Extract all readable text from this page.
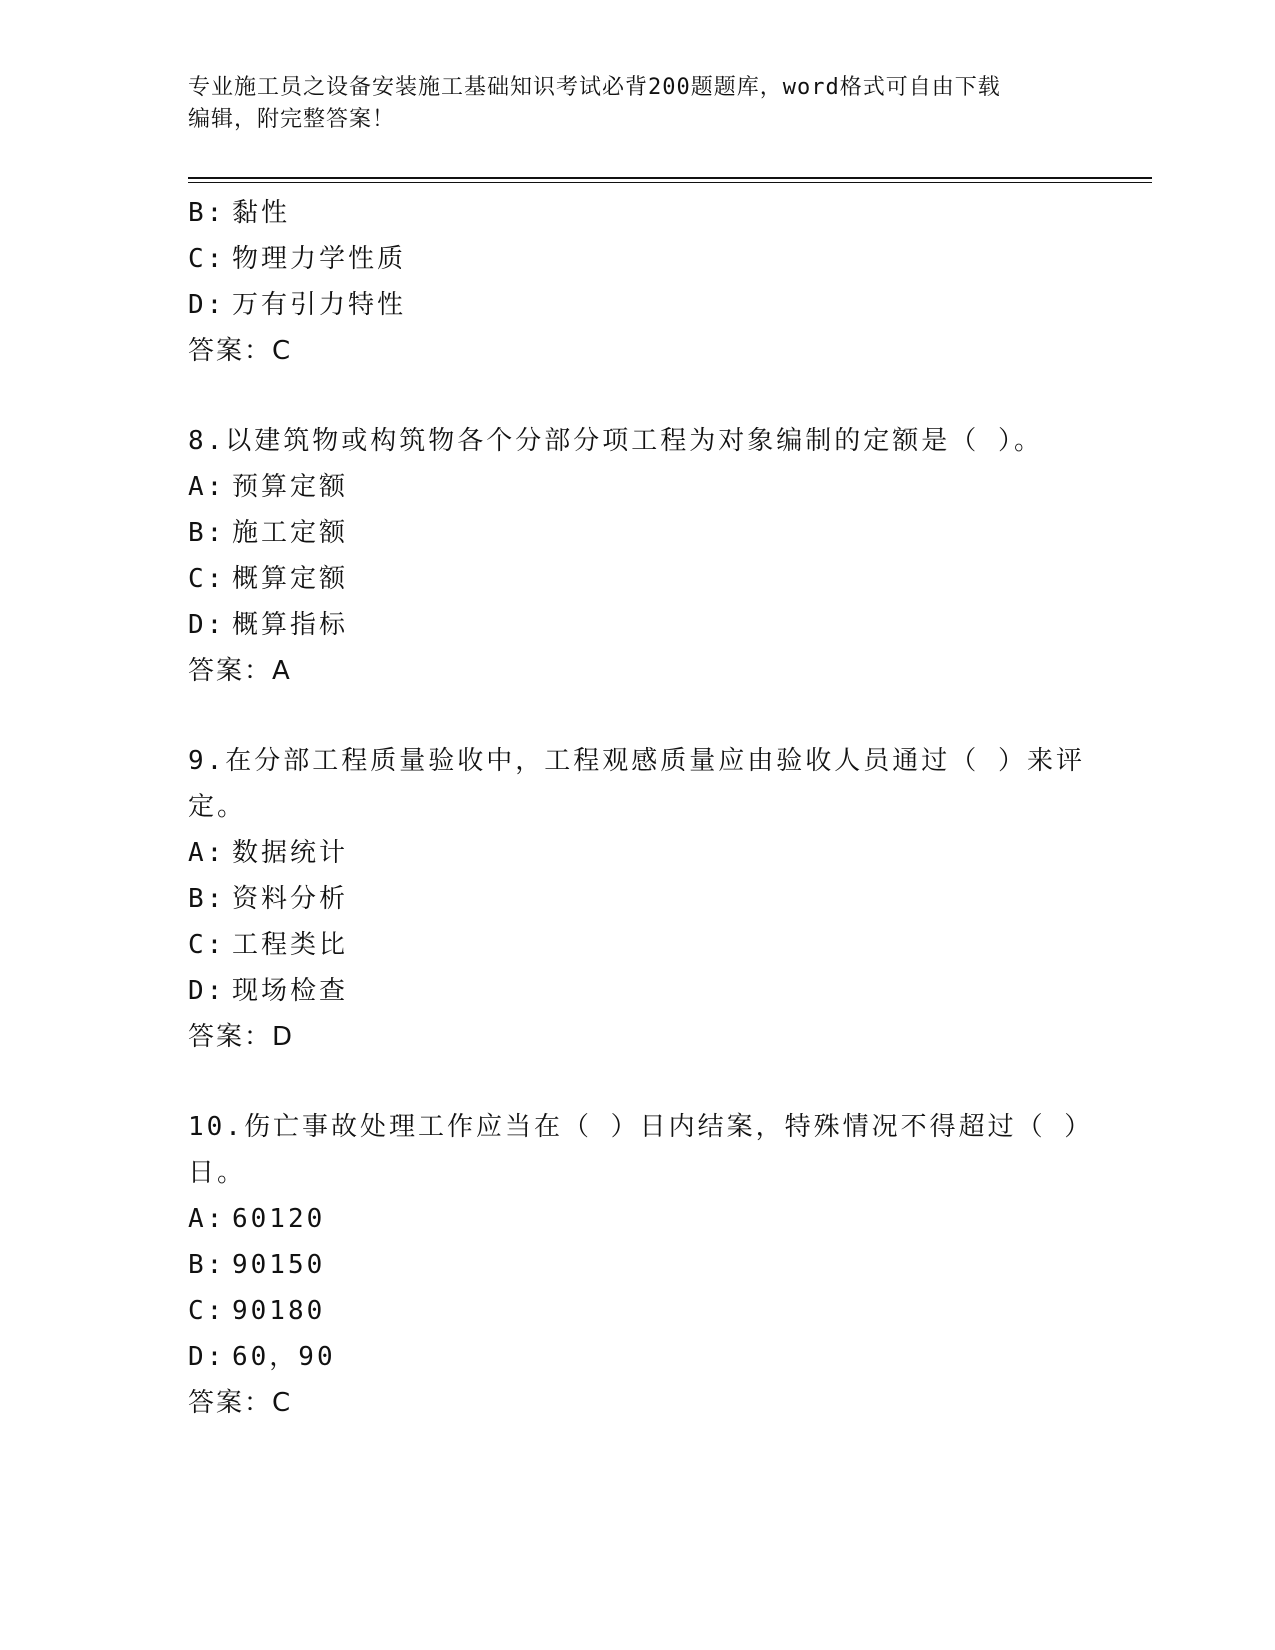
专业施工员之设备安装施工基础知识考试必背200题题库，word格式可自由下载
编辑，附完整答案！
B: 黏性
C: 物理力学性质
D: 万有引力特性
答案：C
8.以建筑物或构筑物各个分部分项工程为对象编制的定额是（ ）。
A: 预算定额
B: 施工定额
C: 概算定额
D: 概算指标
答案：A
9.在分部工程质量验收中，工程观感质量应由验收人员通过（ ）来评
定。
A: 数据统计
B: 资料分析
C: 工程类比
D: 现场检查
答案：D
10.伤亡事故处理工作应当在（ ）日内结案，特殊情况不得超过（ ）
日。
A: 60120
B: 90150
C: 90180
D: 60，90
答案：C
